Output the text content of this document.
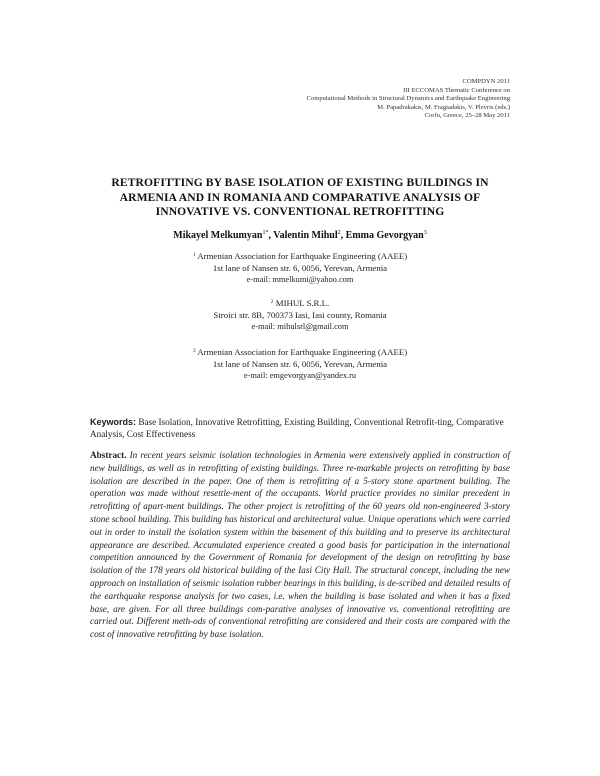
COMPDYN 2011
III ECCOMAS Thematic Conference on
Computational Methods in Structural Dynamics and Earthquake Engineering
M. Papadrakakis, M. Fragiadakis, V. Plevris (eds.)
Corfu, Greece, 25–28 May 2011
RETROFITTING BY BASE ISOLATION OF EXISTING BUILDINGS IN
ARMENIA AND IN ROMANIA AND COMPARATIVE ANALYSIS OF
INNOVATIVE VS. CONVENTIONAL RETROFITTING
Mikayel Melkumyan$^{1*}$, Valentin Mihul$^2$, Emma Gevorgyan$^3$
$^1$ Armenian Association for Earthquake Engineering (AAEE)
1st lane of Nansen str. 6, 0056, Yerevan, Armenia
e-mail: mmelkumi@yahoo.com
$^2$ MIHUL S.R.L.
Stroici str. 8B, 700373 Iasi, Iasi county, Romania
e-mail: mihulsrl@gmail.com
$^3$ Armenian Association for Earthquake Engineering (AAEE)
1st lane of Nansen str. 6, 0056, Yerevan, Armenia
e-mail: emgevorgyan@yandex.ru
Keywords: Base Isolation, Innovative Retrofitting, Existing Building, Conventional Retrofit-ting, Comparative Analysis, Cost Effectiveness
Abstract. In recent years seismic isolation technologies in Armenia were extensively applied in construction of new buildings, as well as in retrofitting of existing buildings. Three re-markable projects on retrofitting by base isolation are described in the paper. One of them is retrofitting of a 5-story stone apartment building. The operation was made without resettle-ment of the occupants. World practice provides no similar precedent in retrofitting of apart-ment buildings. The other project is retrofitting of the 60 years old non-engineered 3-story stone school building. This building has historical and architectural value. Unique operations which were carried out in order to install the isolation system within the basement of this building and to preserve its architectural appearance are described. Accumulated experience created a good basis for participation in the international competition announced by the Government of Romania for development of the design on retrofitting by base isolation of the 178 years old historical building of the Iasi City Hall. The structural concept, including the new approach on installation of seismic isolation rubber bearings in this building, is de-scribed and detailed results of the earthquake response analysis for two cases, i.e. when the building is base isolated and when it has a fixed base, are given. For all three buildings com-parative analyses of innovative vs. conventional retrofitting are carried out. Different meth-ods of conventional retrofitting are considered and their costs are compared with the cost of innovative retrofitting by base isolation.
